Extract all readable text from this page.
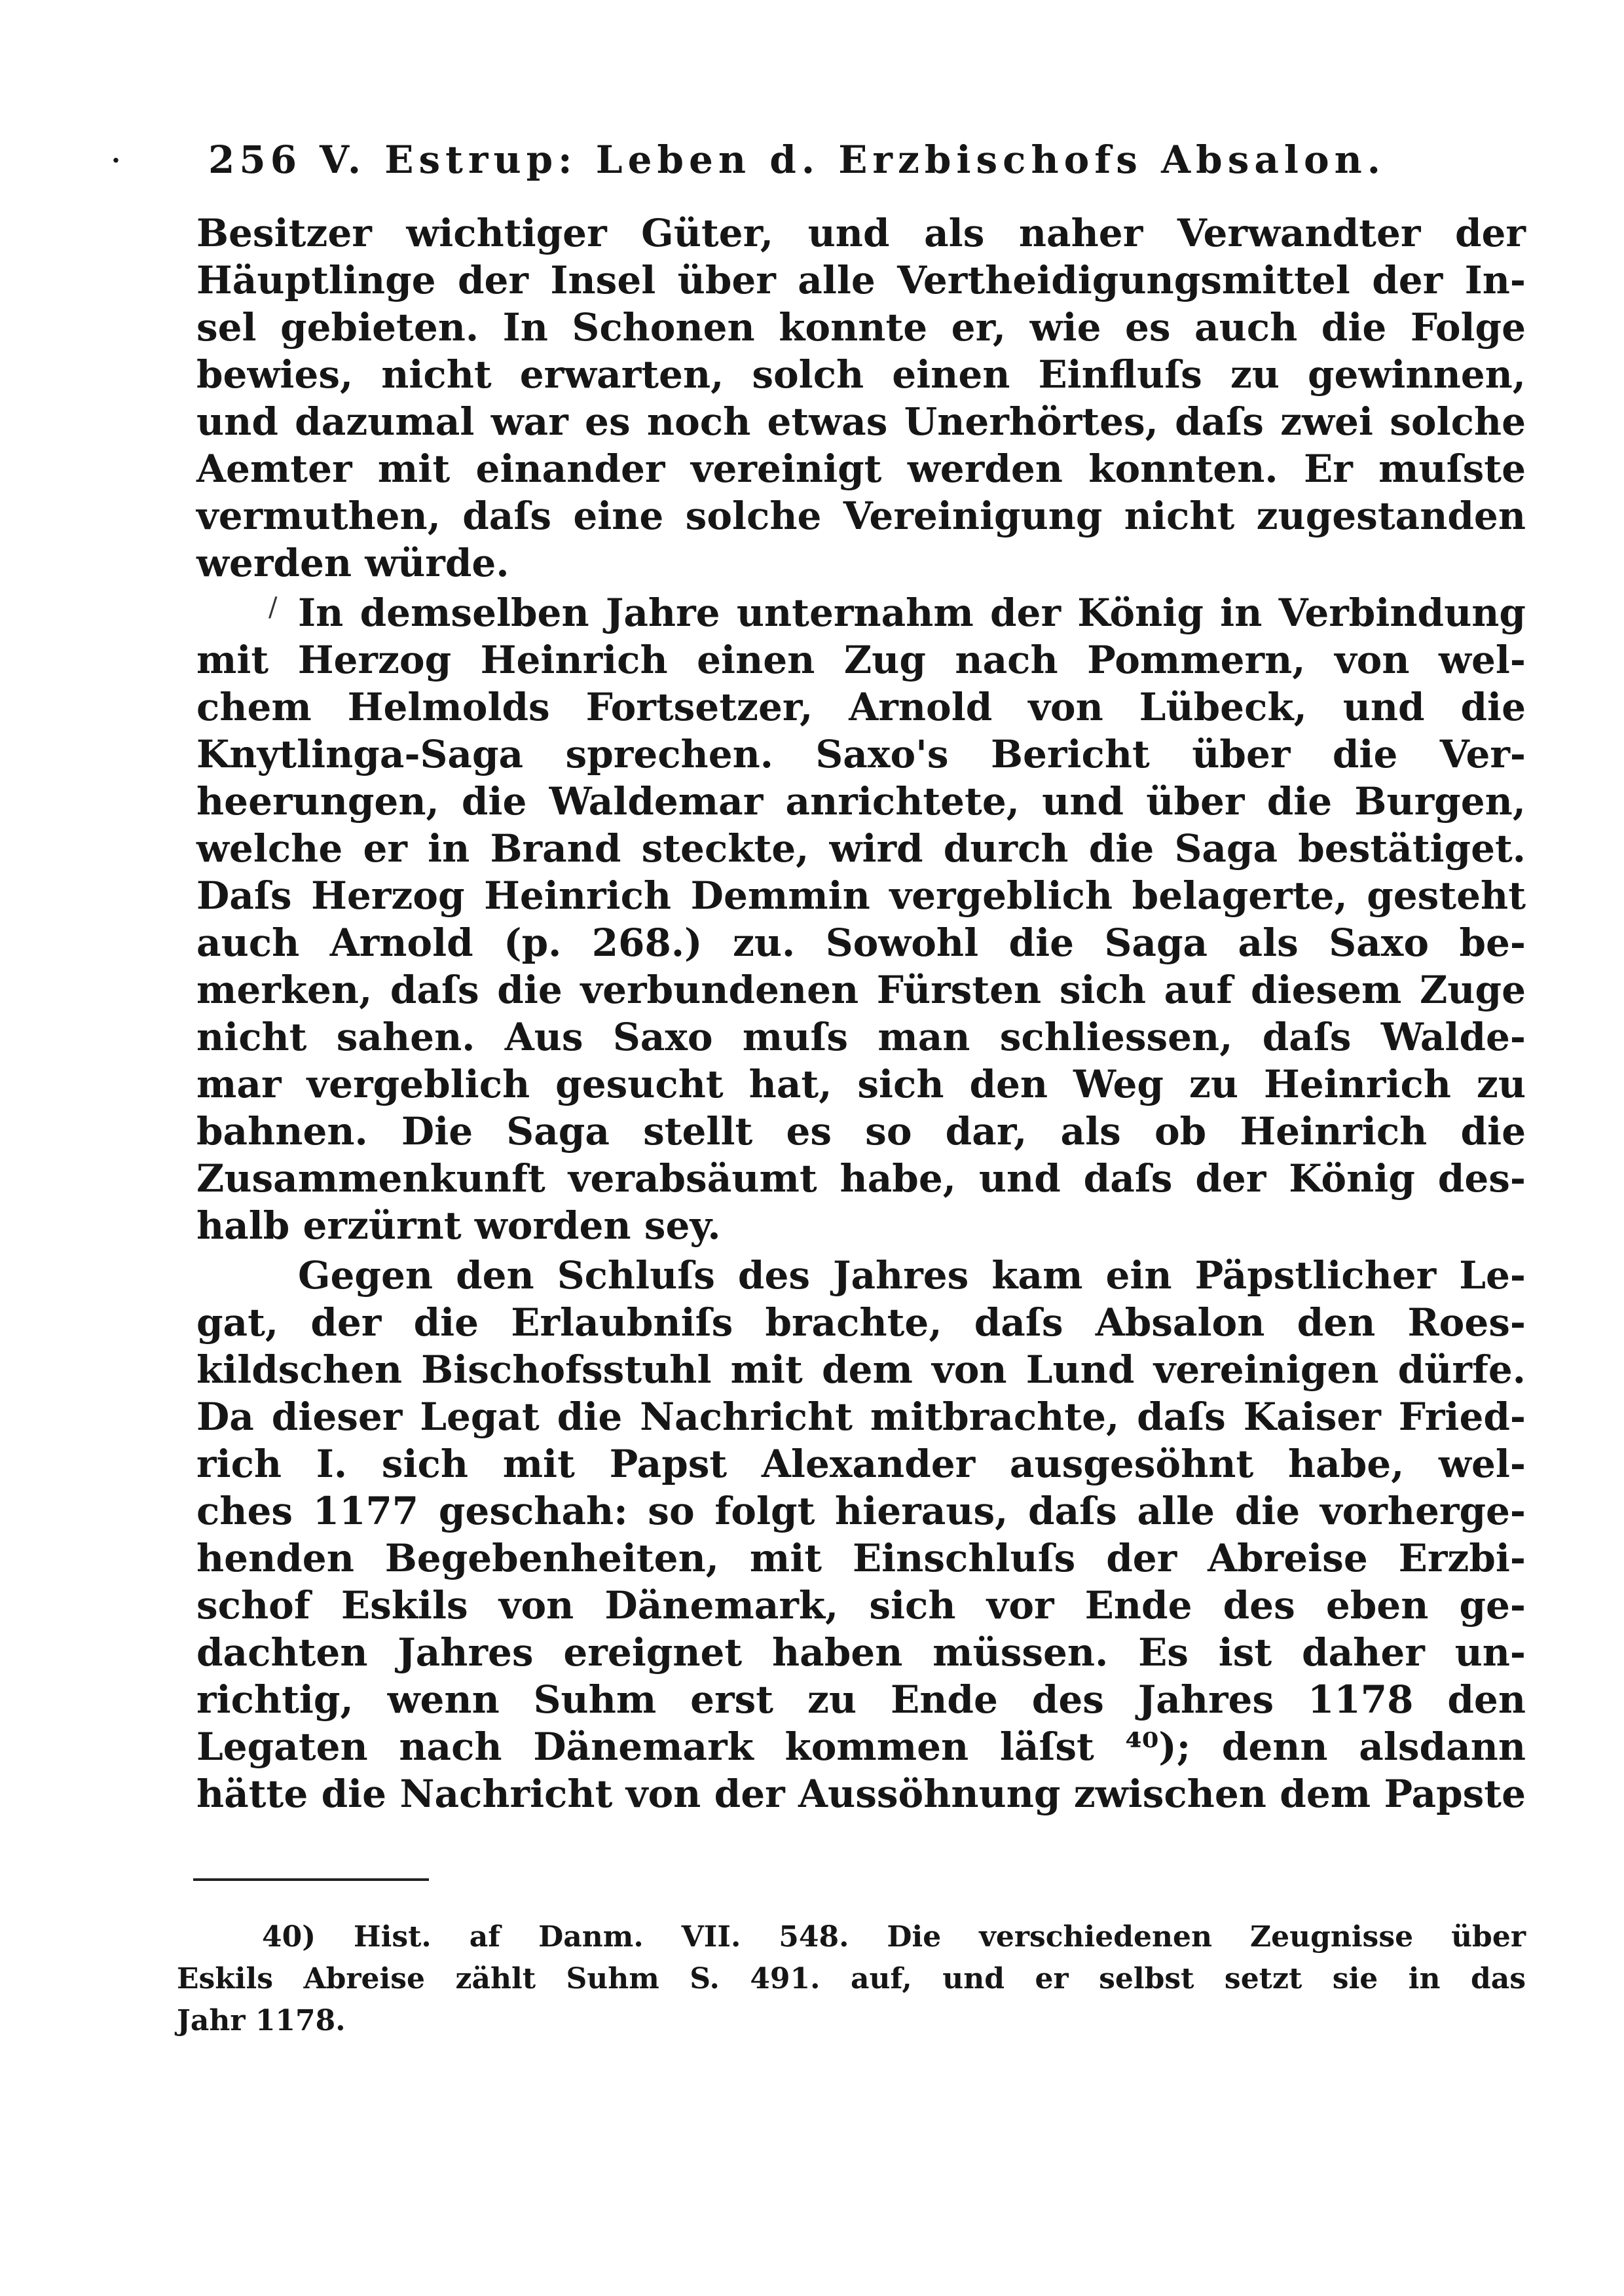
· 256 V. Estrup: Leben d. Erzbischofs Absalon.
Besitzer wichtiger Güter, und als naher Verwandter der
Häuptlinge der Insel über alle Vertheidigungsmittel der In-
sel gebieten. In Schonen konnte er, wie es auch die Folge
bewies, nicht erwarten, solch einen Einfluſs zu gewinnen,
und dazumal war es noch etwas Unerhörtes, daſs zwei solche
Aemter mit einander vereinigt werden konnten. Er muſste
vermuthen, daſs eine solche Vereinigung nicht zugestanden
werden würde.
In demselben Jahre unternahm der König in Verbindung
mit Herzog Heinrich einen Zug nach Pommern, von wel-
chem Helmolds Fortsetzer, Arnold von Lübeck, und die
Knytlinga-Saga sprechen. Saxo's Bericht über die Ver-
heerungen, die Waldemar anrichtete, und über die Burgen,
welche er in Brand steckte, wird durch die Saga bestätiget.
Daſs Herzog Heinrich Demmin vergeblich belagerte, gesteht
auch Arnold (p. 268.) zu. Sowohl die Saga als Saxo be-
merken, daſs die verbundenen Fürsten sich auf diesem Zuge
nicht sahen. Aus Saxo muſs man schliessen, daſs Walde-
mar vergeblich gesucht hat, sich den Weg zu Heinrich zu
bahnen. Die Saga stellt es so dar, als ob Heinrich die
Zusammenkunft verabsäumt habe, und daſs der König des-
halb erzürnt worden sey.
Gegen den Schluſs des Jahres kam ein Päpstlicher Le-
gat, der die Erlaubniſs brachte, daſs Absalon den Roes-
kildschen Bischofsstuhl mit dem von Lund vereinigen dürfe.
Da dieser Legat die Nachricht mitbrachte, daſs Kaiser Fried-
rich I. sich mit Papst Alexander ausgesöhnt habe, wel-
ches 1177 geschah: so folgt hieraus, daſs alle die vorherge-
henden Begebenheiten, mit Einschluſs der Abreise Erzbi-
schof Eskils von Dänemark, sich vor Ende des eben ge-
dachten Jahres ereignet haben müssen. Es ist daher un-
richtig, wenn Suhm erst zu Ende des Jahres 1178 den
Legaten nach Dänemark kommen läſst ⁴⁰); denn alsdann
hätte die Nachricht von der Aussöhnung zwischen dem Papste
40) Hist. af Danm. VII. 548. Die verschiedenen Zeugnisse über
Eskils Abreise zählt Suhm S. 491. auf, und er selbst setzt sie in das
Jahr 1178.
/
